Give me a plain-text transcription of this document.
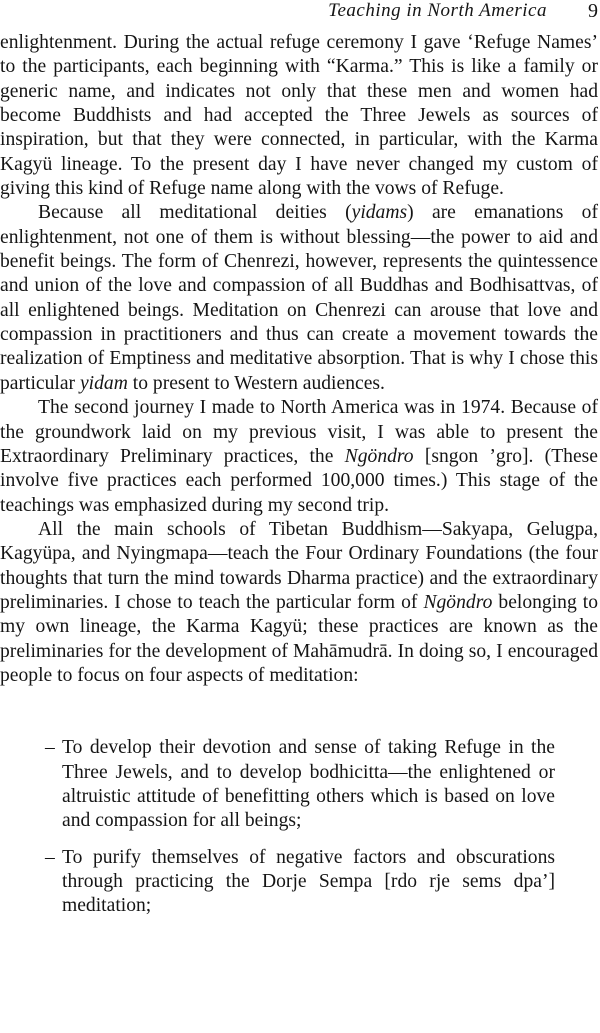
Teaching in North America 9

enlightenment. During the actual refuge ceremony I gave ‘Refuge Names’ to the participants, each beginning with “Karma.” This is like a family or generic name, and indicates not only that these men and women had become Buddhists and had accepted the Three Jewels as sources of inspiration, but that they were connected, in particular, with the Karma Kagyü lineage. To the present day I have never changed my custom of giving this kind of Refuge name along with the vows of Refuge.

Because all meditational deities (yidams) are emanations of enlightenment, not one of them is without blessing—the power to aid and benefit beings. The form of Chenrezi, however, represents the quintessence and union of the love and compassion of all Buddhas and Bodhisattvas, of all enlightened beings. Meditation on Chenrezi can arouse that love and compassion in practitioners and thus can create a movement towards the realization of Emptiness and meditative absorption. That is why I chose this particular yidam to present to Western audiences.

The second journey I made to North America was in 1974. Because of the groundwork laid on my previous visit, I was able to present the Extraordinary Preliminary practices, the Ngöndro [sngon ’gro]. (These involve five practices each performed 100,000 times.) This stage of the teachings was emphasized during my second trip.

All the main schools of Tibetan Buddhism—Sakyapa, Gelugpa, Kagyüpa, and Nyingmapa—teach the Four Ordinary Foundations (the four thoughts that turn the mind towards Dharma practice) and the extraordinary preliminaries. I chose to teach the particular form of Ngöndro belonging to my own lineage, the Karma Kagyü; these practices are known as the preliminaries for the development of Mahāmudrā. In doing so, I encouraged people to focus on four aspects of meditation:

– To develop their devotion and sense of taking Refuge in the Three Jewels, and to develop bodhicitta—the enlightened or altruistic attitude of benefitting others which is based on love and compassion for all beings;
– To purify themselves of negative factors and obscurations through practicing the Dorje Sempa [rdo rje sems dpa’] meditation;
